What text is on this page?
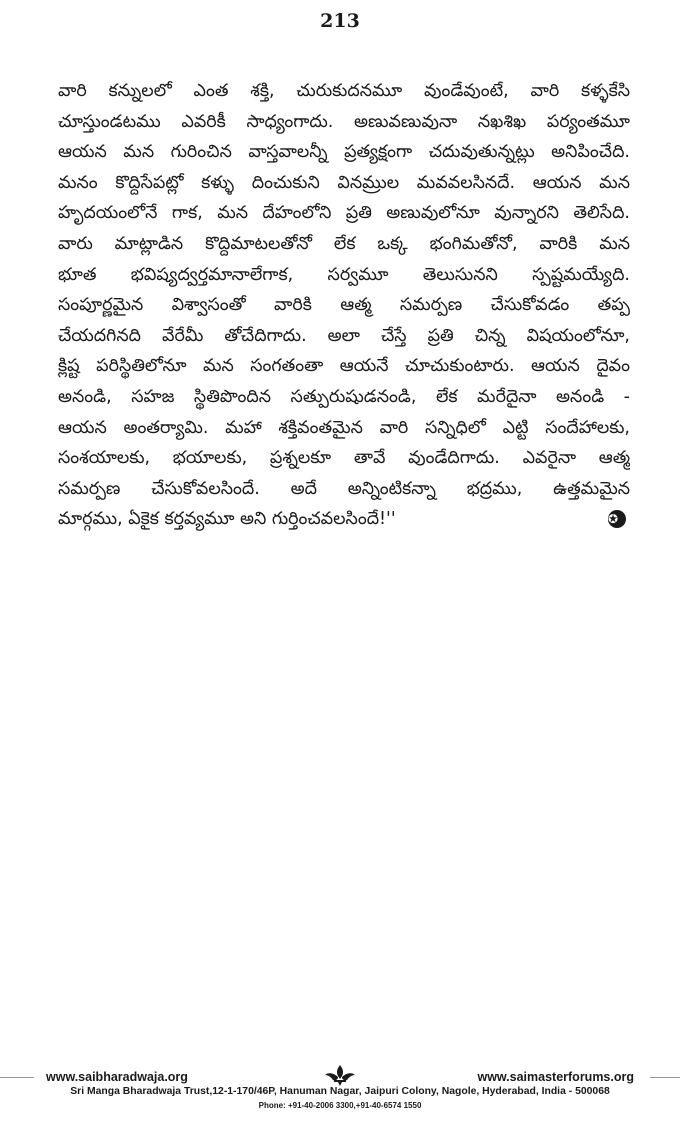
213
వారి కన్నులలో ఎంత శక్తి, చురుకుదనమూ వుండేవుంటే, వారి కళ్ళకేసి
చూస్తుండటము ఎవరికీ సాధ్యంగాదు. అణువణువునా నఖశిఖ పర్యంతమూ
ఆయన మన గురించిన వాస్తవాలన్నీ ప్రత్యక్షంగా చదువుతున్నట్లు అనిపించేది.
మనం కొద్దిసేపట్లో కళ్ళు దించుకుని వినమ్రుల మవవలసినదే. ఆయన మన
హృదయంలోనే గాక, మన దేహంలోని ప్రతి అణువులోనూ వున్నారని తెలిసేది.
వారు మాట్లాడిన కొద్దిమాటలతోనో లేక ఒక్క భంగిమతోనో, వారికి మన
భూత భవిష్యద్వర్తమానాలేగాక, సర్వమూ తెలుసునని స్పష్టమయ్యేది.
సంపూర్ణమైన విశ్వాసంతో వారికి ఆత్మ సమర్పణ చేసుకోవడం తప్ప
చేయదగినది వేరేమీ తోచేదిగాదు. అలా చేస్తే ప్రతి చిన్న విషయంలోనూ,
క్లిష్ట పరిస్థితిలోనూ మన సంగతంతా ఆయనే చూచుకుంటారు. ఆయన దైవం
అనండి, సహజ స్థితిపొందిన సత్పురుషుడనండి, లేక మరేదైనా అనండి -
ఆయన అంతర్యామి. మహా శక్తివంతమైన వారి సన్నిధిలో ఎట్టి సందేహాలకు,
సంశయాలకు, భయాలకు, ప్రశ్నలకూ తావే వుండేదిగాదు. ఎవరైనా ఆత్మ
సమర్పణ చేసుకోవలసిందే. అదే అన్నింటికన్నా భద్రము, ఉత్తమమైన
మార్గము, ఏకైక కర్తవ్యమూ అని గుర్తించవలసిందే!''	✪
www.saibharadwaja.org	www.saimasterforums.org
Sri Manga Bharadwaja Trust,12-1-170/46P, Hanuman Nagar, Jaipuri Colony, Nagole, Hyderabad, India - 500068
Phone: +91-40-2006 3300,+91-40-6574 1550
